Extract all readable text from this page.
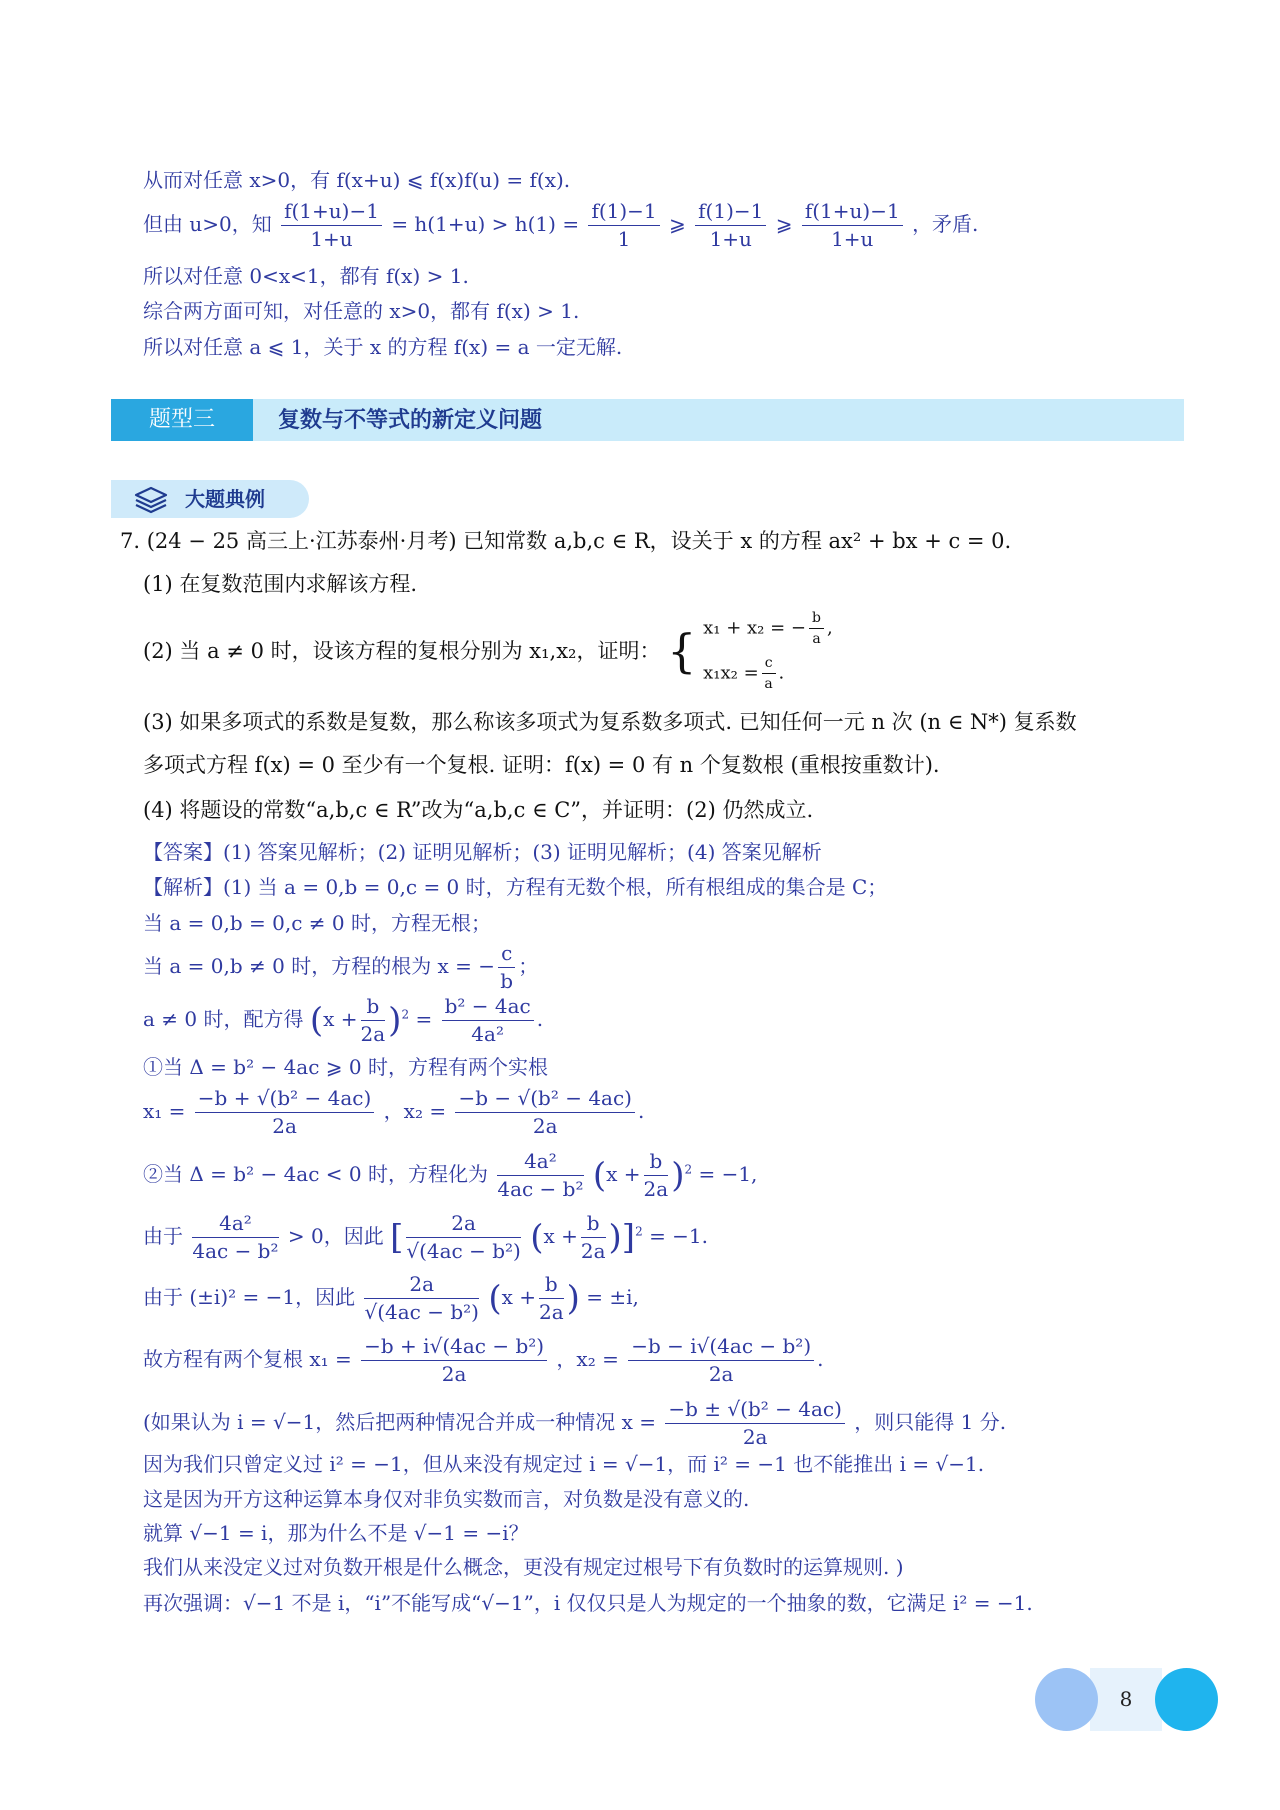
从而对任意 x>0，有 f(x+u) ⩽ f(x)f(u) = f(x).
但由 u>0，知 $\frac{f(1+u)-1}{1+u} = h(1+u) > h(1) = \frac{f(1)-1}{1}$ ⩾ $\frac{f(1)-1}{1+u}$ ⩾ $\frac{f(1+u)-1}{1+u}$ ，矛盾.
所以对任意 0<x<1，都有 f(x) > 1.
综合两方面可知，对任意的 x>0，都有 f(x) > 1.
所以对任意 a ⩽ 1，关于 x 的方程 f(x) = a 一定无解.
题型三	复数与不等式的新定义问题
大题典例
7. (24 − 25 高三上·江苏泰州·月考) 已知常数 a,b,c ∈ R，设关于 x 的方程 ax² + bx + c = 0.
(1) 在复数范围内求解该方程.
(2) 当 a ≠ 0 时，设该方程的复根分别为 x₁,x₂，证明： { x₁ + x₂ = − $\frac{b}{a}$ ,
$x_1x_2 = \frac{c}{a}$ .
(3) 如果多项式的系数是复数，那么称该多项式为复系数多项式. 已知任何一元 n 次 (n ∈ N*) 复系数
多项式方程 f(x) = 0 至少有一个复根. 证明：f(x) = 0 有 n 个复数根 (重根按重数计).
(4) 将题设的常数“a,b,c ∈ R”改为“a,b,c ∈ C”，并证明：(2) 仍然成立.
【答案】(1) 答案见解析；(2) 证明见解析；(3) 证明见解析；(4) 答案见解析
【解析】(1) 当 a = 0,b = 0,c = 0 时，方程有无数个根，所有根组成的集合是 C；
当 a = 0,b = 0,c ≠ 0 时，方程无根；
当 a = 0,b ≠ 0 时，方程的根为 x = − $\frac{c}{b}$ ；
a ≠ 0 时，配方得 $(x + \frac{b}{2a} )^2 = \frac{\text{b² − 4ac}}{\text{4a²}}$ .
①当 Δ = b² − 4ac ⩾ 0 时，方程有两个实根
$x_1 = \frac{\text{−b + √(b² − 4ac)}}{2a}$ ，$x_2 = \frac{\text{−b − √(b² − 4ac)}}{2a}$ .
②当 Δ = b² − 4ac < 0 时，方程化为 $\frac{\text{4a²}}{\text{4ac − b²}} (x + \frac{b}{2a} )^2 = -1$,
由于 $\frac{\text{4a²}}{\text{4ac − b²}} > 0$，因此 [ $\frac{2a}{\text{√(4ac − b²)}} (x + \frac{b}{2a} )]^2 = -1$.
由于 (±i)² = −1，因此 $\frac{2a}{\text{√(4ac − b²)}} (x + \frac{b}{2a}$ ) = ±i,
故方程有两个复根 $x_1 = \frac{\text{−b + i√(4ac − b²)}}{2a}$ ，$x_2 = \frac{\text{−b − i√(4ac − b²)}}{2a}$ .
(如果认为 i = √−1，然后把两种情况合并成一种情况 $x = \frac{\text{−b ± √(b² − 4ac)}}{2a}$ ，则只能得 1 分.
因为我们只曾定义过 i² = −1，但从来没有规定过 i = √−1，而 i² = −1 也不能推出 i = √−1.
这是因为开方这种运算本身仅对非负实数而言，对负数是没有意义的.
就算 √−1 = i，那为什么不是 √−1 = −i？
我们从来没定义过对负数开根是什么概念，更没有规定过根号下有负数时的运算规则. )
再次强调：√−1 不是 i，“i”不能写成“√−1”，i 仅仅只是人为规定的一个抽象的数，它满足 i² = −1.
8
